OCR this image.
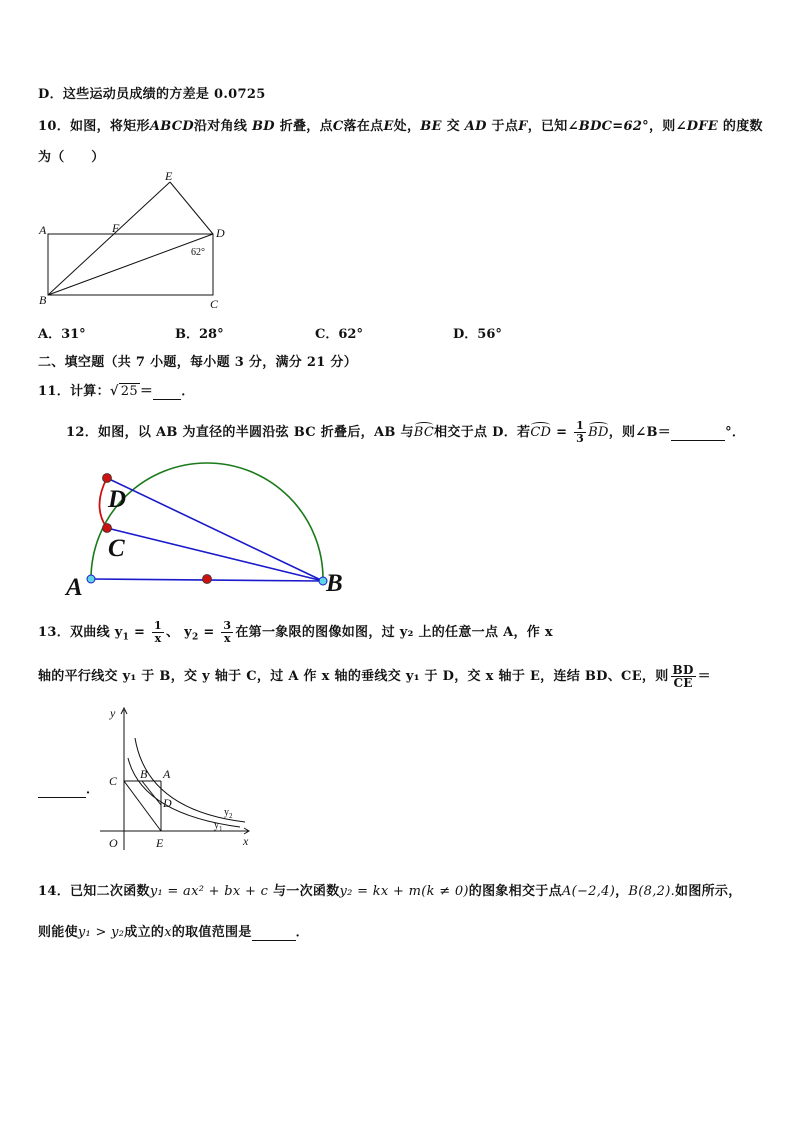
D．这些运动员成绩的方差是 0.0725
10．如图，将矩形ABCD沿对角线 BD 折叠，点C落在点E处，BE 交 AD 于点F，已知∠BDC=62°，则∠DFE 的度数
为（　　）
A
B	C
D
E
F
62°
A．31°	B．28°	C．62°	D．56°
二、填空题（共 7 小题，每小题 3 分，满分 21 分）
11．计算：√ 25 ＝ ．
12．如图，以 AB 为直径的半圆沿弦 BC 折叠后，AB 与BC相交于点 D．若CD = $\frac{1}{3}$ BD，则∠B＝	°．
D
C
A	B
13．双曲线 $y_1 = \frac{1}{x}$ 、 $y_2 = \frac{3}{x}$ 在第一象限的图像如图，过 y₂ 上的任意一点 A，作 x
轴的平行线交 y₁ 于 B，交 y 轴于 C，过 A 作 x 轴的垂线交 y₁ 于 D，交 x 轴于 E，连结 BD、CE，则 $\frac{BD}{CE}$ ＝
．
y
x
O
C B A
D
E
$y_2$
$y_1$
14．已知二次函数y₁ = ax² + bx + c 与一次函数y₂ = kx + m(k ≠ 0)的图象相交于点A(−2,4)，B(8,2).如图所示，
则能使y₁ > y₂成立的x的取值范围是	．
